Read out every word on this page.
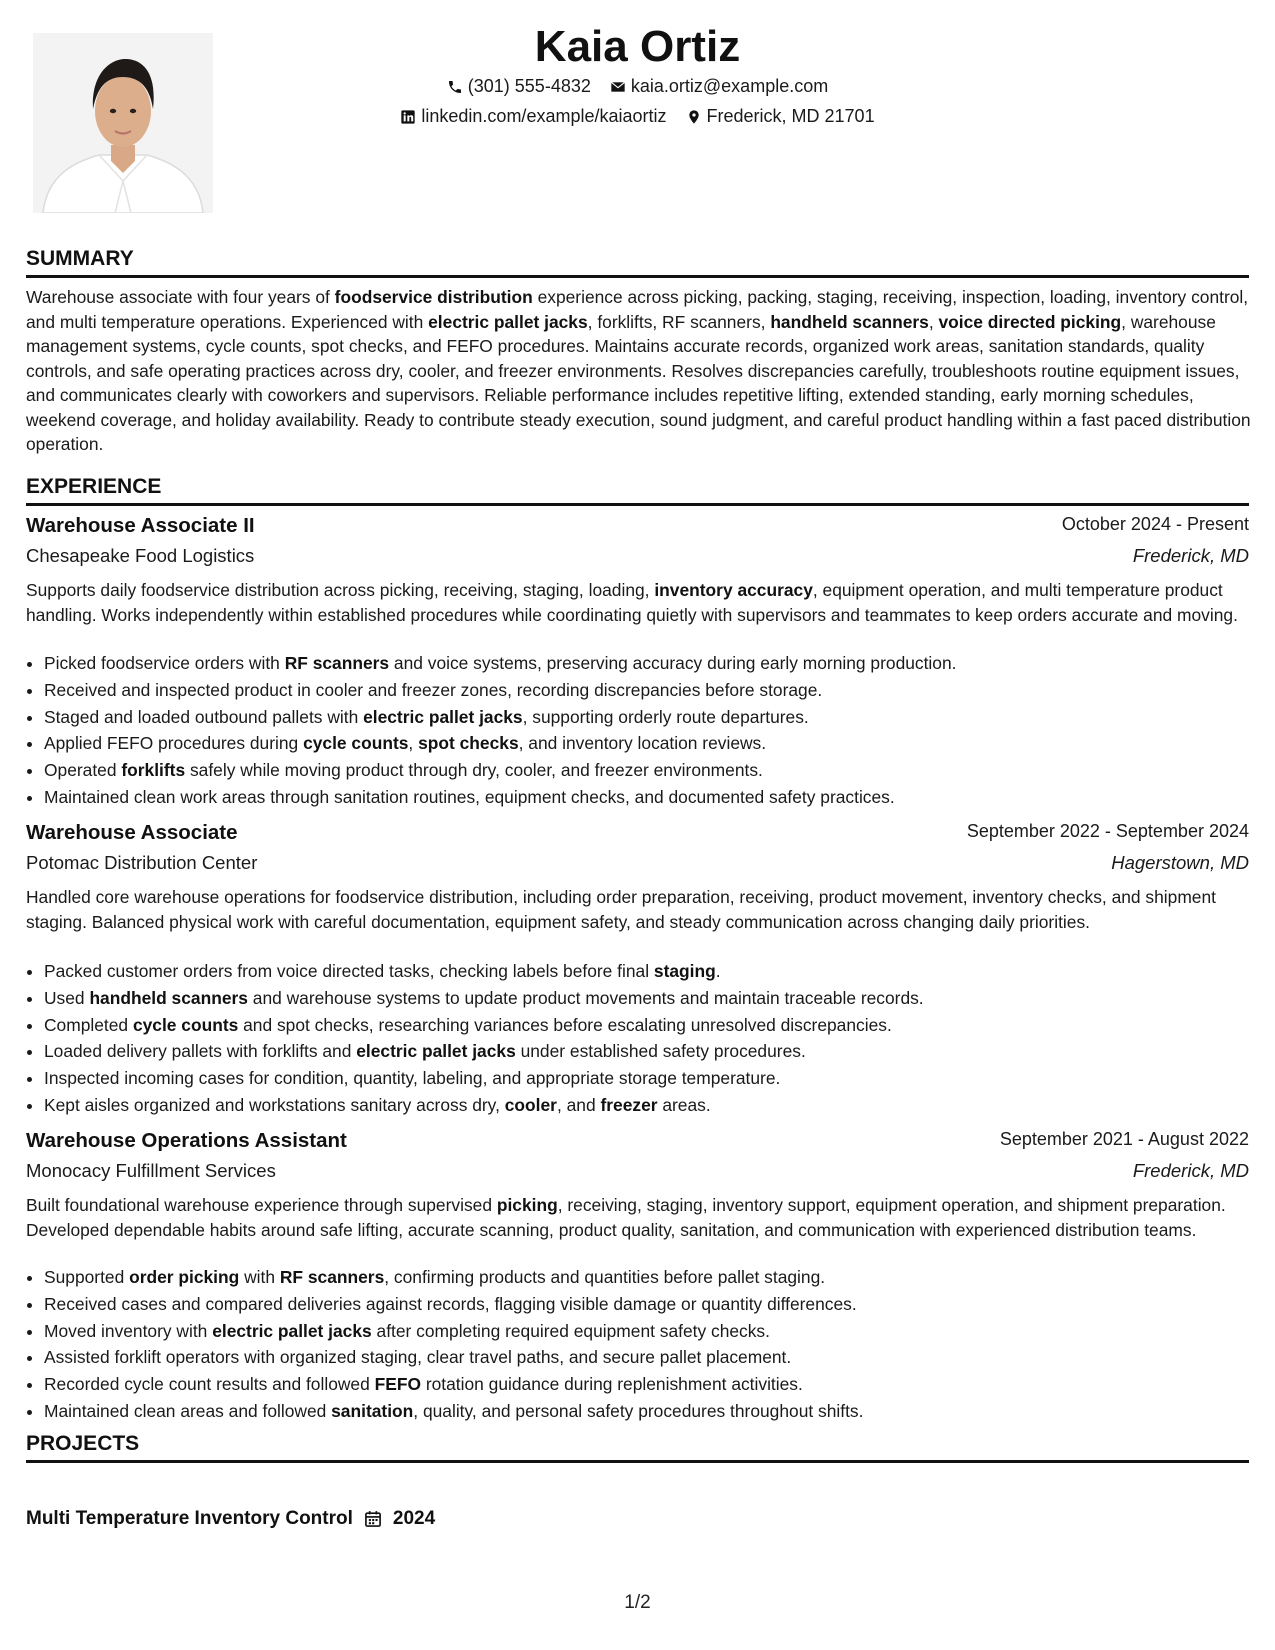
Kaia Ortiz
(301) 555-4832
kaia.ortiz@example.com
linkedin.com/example/kaiaortiz
Frederick, MD 21701
SUMMARY
Warehouse associate with four years of foodservice distribution experience across picking, packing, staging, receiving, inspection, loading, inventory control, and multi temperature operations. Experienced with electric pallet jacks, forklifts, RF scanners, handheld scanners, voice directed picking, warehouse management systems, cycle counts, spot checks, and FEFO procedures. Maintains accurate records, organized work areas, sanitation standards, quality controls, and safe operating practices across dry, cooler, and freezer environments. Resolves discrepancies carefully, troubleshoots routine equipment issues, and communicates clearly with coworkers and supervisors. Reliable performance includes repetitive lifting, extended standing, early morning schedules, weekend coverage, and holiday availability. Ready to contribute steady execution, sound judgment, and careful product handling within a fast paced distribution operation.
EXPERIENCE
Warehouse Associate II	October 2024 - Present
Chesapeake Food Logistics	Frederick, MD
Supports daily foodservice distribution across picking, receiving, staging, loading, inventory accuracy, equipment operation, and multi temperature product handling. Works independently within established procedures while coordinating quietly with supervisors and teammates to keep orders accurate and moving.
• Picked foodservice orders with RF scanners and voice systems, preserving accuracy during early morning production.
• Received and inspected product in cooler and freezer zones, recording discrepancies before storage.
• Staged and loaded outbound pallets with electric pallet jacks, supporting orderly route departures.
• Applied FEFO procedures during cycle counts, spot checks, and inventory location reviews.
• Operated forklifts safely while moving product through dry, cooler, and freezer environments.
• Maintained clean work areas through sanitation routines, equipment checks, and documented safety practices.
Warehouse Associate	September 2022 - September 2024
Potomac Distribution Center	Hagerstown, MD
Handled core warehouse operations for foodservice distribution, including order preparation, receiving, product movement, inventory checks, and shipment staging. Balanced physical work with careful documentation, equipment safety, and steady communication across changing daily priorities.
• Packed customer orders from voice directed tasks, checking labels before final staging.
• Used handheld scanners and warehouse systems to update product movements and maintain traceable records.
• Completed cycle counts and spot checks, researching variances before escalating unresolved discrepancies.
• Loaded delivery pallets with forklifts and electric pallet jacks under established safety procedures.
• Inspected incoming cases for condition, quantity, labeling, and appropriate storage temperature.
• Kept aisles organized and workstations sanitary across dry, cooler, and freezer areas.
Warehouse Operations Assistant	September 2021 - August 2022
Monocacy Fulfillment Services	Frederick, MD
Built foundational warehouse experience through supervised picking, receiving, staging, inventory support, equipment operation, and shipment preparation. Developed dependable habits around safe lifting, accurate scanning, product quality, sanitation, and communication with experienced distribution teams.
• Supported order picking with RF scanners, confirming products and quantities before pallet staging.
• Received cases and compared deliveries against records, flagging visible damage or quantity differences.
• Moved inventory with electric pallet jacks after completing required equipment safety checks.
• Assisted forklift operators with organized staging, clear travel paths, and secure pallet placement.
• Recorded cycle count results and followed FEFO rotation guidance during replenishment activities.
• Maintained clean areas and followed sanitation, quality, and personal safety procedures throughout shifts.
PROJECTS
Multi Temperature Inventory Control 2024
1/2
